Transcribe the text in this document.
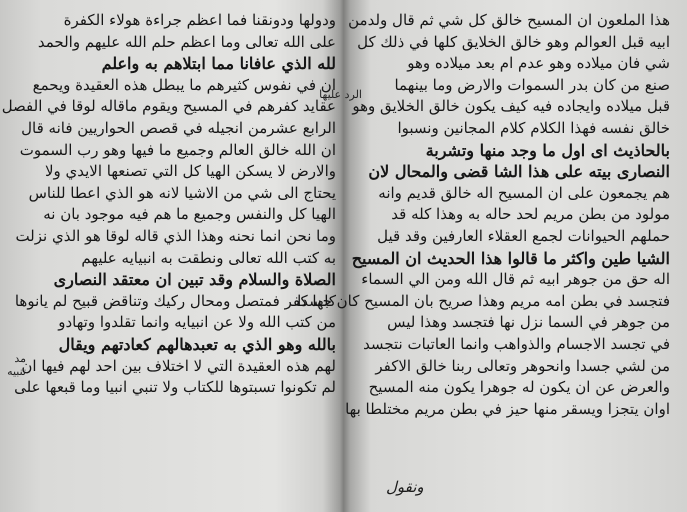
ودولها ودونقنا فما اعظم جراءة هولاء الكفرة
على الله تعالى وما اعظم حلم الله عليهم والحمد
لله الذي عافانا مما ابتلاهم به واعلم
ان في نفوس كثيرهم ما يبطل هذه العقيدة ويحمع
عقايد كفرهم في المسيح ويقوم ماقاله لوقا في الفصل
الرابع عشرمن انجيله في قصص الحواريين فانه قال
ان الله خالق العالم وجميع ما فيها وهو رب السموت
والارض لا يسكن الهيا كل التي تصنعها الايدي ولا
يحتاج الى شي من الاشيا لانه هو الذي اعطا للناس
الهيا كل والنفس وجميع ما هم فيه موجود بان نه
وما نحن انما نحنه وهذا الذي قاله لوقا هو الذي نزلت
به كتب الله تعالى ونطقت به انبيايه عليهم
الصلاة والسلام وقد تبين ان معتقد النصارى
كلها كفر فمتصل ومحال ركيك وتناقض قبيح لم يانوها
من كتب الله ولا عن انبيايه وانما تقلدوا وتهادو
بالله وهو الذي به تعبدهالهم كعادتهم ويقال
لهم هذه العقيدة التي لا اختلاف بين احد لهم فيها ان
لم تكونوا تسبتوها للكتاب ولا تنبي انبيا وما قبعها على
هذا الملعون ان المسيح خالق كل شي ثم قال ولدمن
ابيه قبل العوالم وهو خالق الخلايق كلها في ذلك كل
شي فان ميلاده وهو عدم ام بعد ميلاده وهو
صنع من كان بدر السموات والارض وما بينهما
قبل ميلاده وايجاده فيه كيف يكون خالق الخلايق وهو
خالق نفسه فهذا الكلام كلام المجانين ونسبوا
بالحاذيث اى اول ما وجد منها وتشربة
النصارى بيته على هذا الشا قضى والمحال لان
هم يجمعون على ان المسيح اله خالق قديم وانه
مولود من بطن مريم لحد حاله به وهذا كله قد
حملهم الحيوانات لجمع العقلاء العارفين وقد قيل
الشيا طين واكثر ما قالوا هذا الحديث ان المسيح
اله حق من جوهر ابيه ثم قال الله ومن الي السماء
فتجسد في بطن امه مريم وهذا صريح بان المسيح كان جسدا
من جوهر في السما نزل نها فتجسد وهذا ليس
في تجسد الاجسام والذواهب وانما العاتبات نتجسد
من لشي جسدا وانحوهر وتعالى ربنا خالق الاكفر
والعرض عن ان يكون له جوهرا يكون منه المسيح
اوان يتجزا ويسقر منها حيز في بطن مريم مختلطا بها
مد تنبيه
الرد عليها
ونقول
